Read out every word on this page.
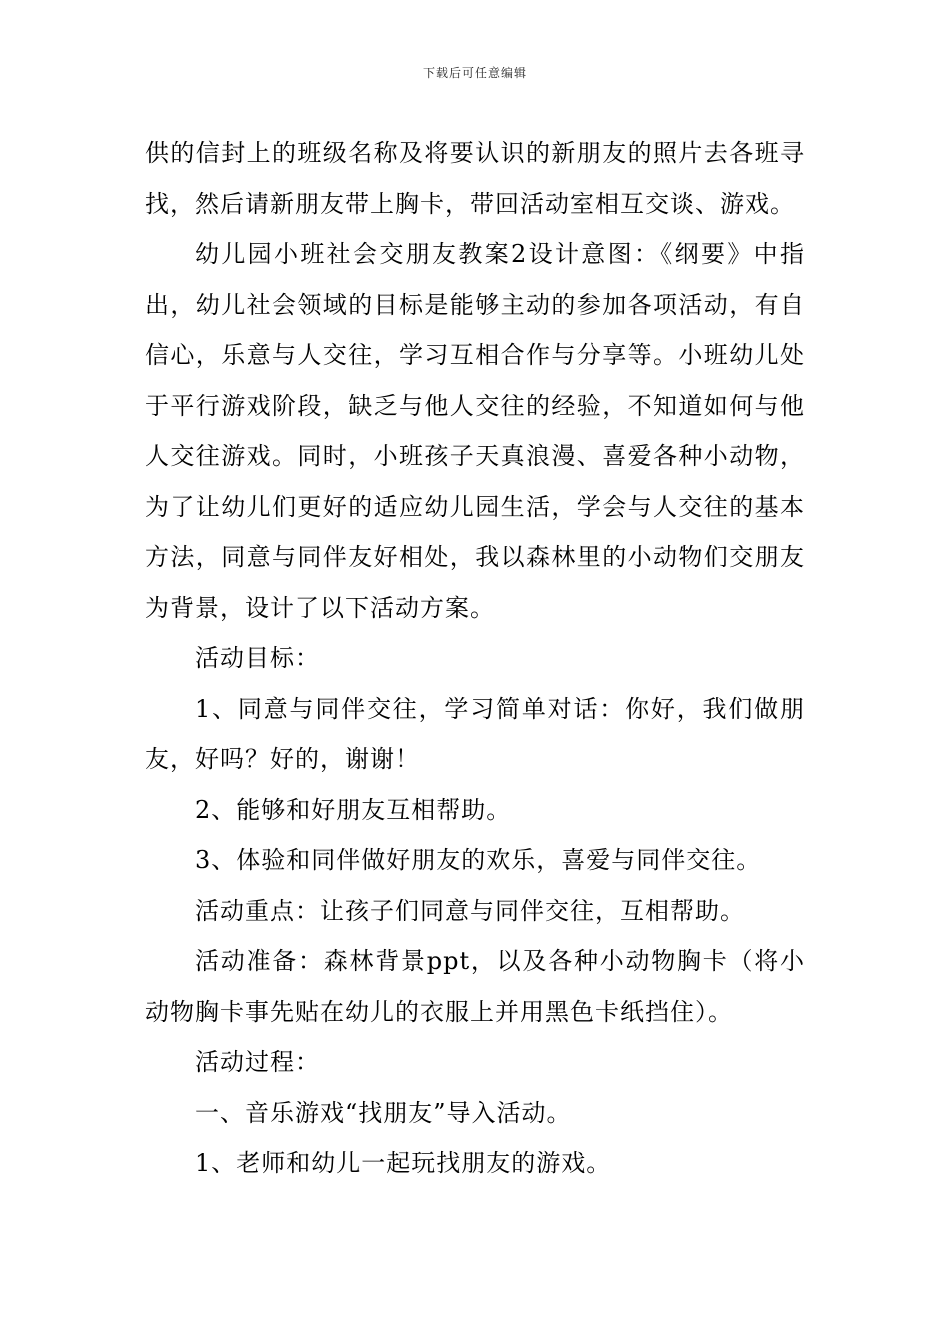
下载后可任意编辑

供的信封上的班级名称及将要认识的新朋友的照片去各班寻找，然后请新朋友带上胸卡，带回活动室相互交谈、游戏。

幼儿园小班社会交朋友教案2设计意图：《纲要》中指出，幼儿社会领域的目标是能够主动的参加各项活动，有自信心，乐意与人交往，学习互相合作与分享等。小班幼儿处于平行游戏阶段，缺乏与他人交往的经验，不知道如何与他人交往游戏。同时，小班孩子天真浪漫、喜爱各种小动物，为了让幼儿们更好的适应幼儿园生活，学会与人交往的基本方法，同意与同伴友好相处，我以森林里的小动物们交朋友为背景，设计了以下活动方案。

活动目标：

1、同意与同伴交往，学习简单对话：你好，我们做朋友，好吗？好的，谢谢！

2、能够和好朋友互相帮助。

3、体验和同伴做好朋友的欢乐，喜爱与同伴交往。

活动重点：让孩子们同意与同伴交往，互相帮助。

活动准备：森林背景ppt，以及各种小动物胸卡（将小动物胸卡事先贴在幼儿的衣服上并用黑色卡纸挡住）。

活动过程：

一、音乐游戏“找朋友”导入活动。

1、老师和幼儿一起玩找朋友的游戏。
